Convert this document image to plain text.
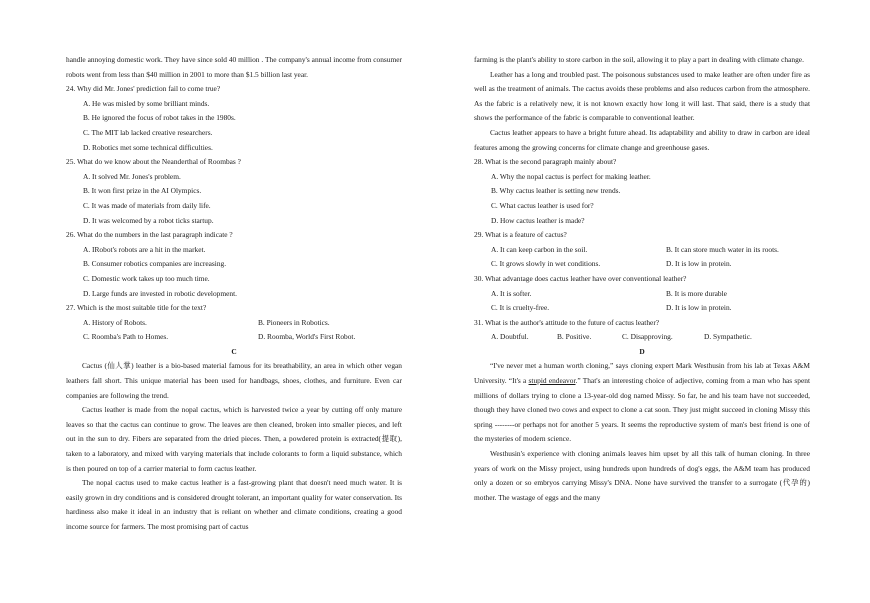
handle annoying domestic work. They have since sold 40 million . The company's annual income from consumer robots went from less than $40 million in 2001 to more than $1.5 billion last year.

24. Why did Mr. Jones' prediction fail to come true?

A. He was misled by some brilliant minds.

B. He ignored the focus of robot takes in the 1980s.

C. The MIT lab lacked creative researchers.

D. Robotics met some technical difficulties.

25. What do we know about the Neanderthal of Roombas ?

A. It solved Mr. Jones's problem.

B. It won first prize in the AI Olympics.

C. It was made of materials from daily life.

D. It was welcomed by a robot ticks startup.

26. What do the numbers in the last paragraph indicate ?

A. IRobot's robots are a hit in the market.

B. Consumer robotics companies are increasing.

C. Domestic work takes up too much time.

D. Large funds are invested in robotic development.

27. Which is the most suitable title for the text?

A. History of Robots.	B. Pioneers in Robotics.
C. Roomba's Path to Homes.	D. Roomba, World's First Robot.

C

Cactus (仙人掌) leather is a bio-based material famous for its breathability, an area in which other vegan leathers fall short. This unique material has been used for handbags, shoes, clothes, and furniture. Even car companies are following the trend.

Cactus leather is made from the nopal cactus, which is harvested twice a year by cutting off only mature leaves so that the cactus can continue to grow. The leaves are then cleaned, broken into smaller pieces, and left out in the sun to dry. Fibers are separated from the dried pieces. Then, a powdered protein is extracted(提取), taken to a laboratory, and mixed with varying materials that include colorants to form a liquid substance, which is then poured on top of a carrier material to form cactus leather.

The nopal cactus used to make cactus leather is a fast-growing plant that doesn't need much water. It is easily grown in dry conditions and is considered drought tolerant, an important quality for water conservation. Its hardiness also make it ideal in an industry that is reliant on whether and climate conditions, creating a good income source for farmers. The most promising part of cactus

farming is the plant's ability to store carbon in the soil, allowing it to play a part in dealing with climate change.

Leather has a long and troubled past. The poisonous substances used to make leather are often under fire as well as the treatment of animals. The cactus avoids these problems and also reduces carbon from the atmosphere. As the fabric is a relatively new, it is not known exactly how long it will last. That said, there is a study that shows the performance of the fabric is comparable to conventional leather.

Cactus leather appears to have a bright future ahead. Its adaptability and ability to draw in carbon are ideal features among the growing concerns for climate change and greenhouse gases.

28. What is the second paragraph mainly about?

A. Why the nopal cactus is perfect for making leather.

B. Why cactus leather is setting new trends.

C. What cactus leather is used for?

D. How cactus leather is made?

29. What is a feature of cactus?

A. It can keep carbon in the soil.	B. It can store much water in its roots.
C. It grows slowly in wet conditions.	D. It is low in protein.

30. What advantage does cactus leather have over conventional leather?

A. It is softer.	B. It is more durable
C. It is cruelty-free.	D. It is low in protein.

31. What is the author's attitude to the future of cactus leather?

A. Doubtful.	B. Positive.	C. Disapproving.	D. Sympathetic.

D

“I've never met a human worth cloning,” says cloning expert Mark Westhusin from his lab at Texas A&M University. “It's a stupid endeavor.” That's an interesting choice of adjective, coming from a man who has spent millions of dollars trying to clone a 13-year-old dog named Missy. So far, he and his team have not succeeded, though they have cloned two cows and expect to clone a cat soon. They just might succeed in cloning Missy this spring --------or perhaps not for another 5 years. It seems the reproductive system of man's best friend is one of the mysteries of modern science.

Westhusin's experience with cloning animals leaves him upset by all this talk of human cloning. In three years of work on the Missy project, using hundreds upon hundreds of dog's eggs, the A&M team has produced only a dozen or so embryos carrying Missy's DNA. None have survived the transfer to a surrogate (代孕的) mother. The wastage of eggs and the many
